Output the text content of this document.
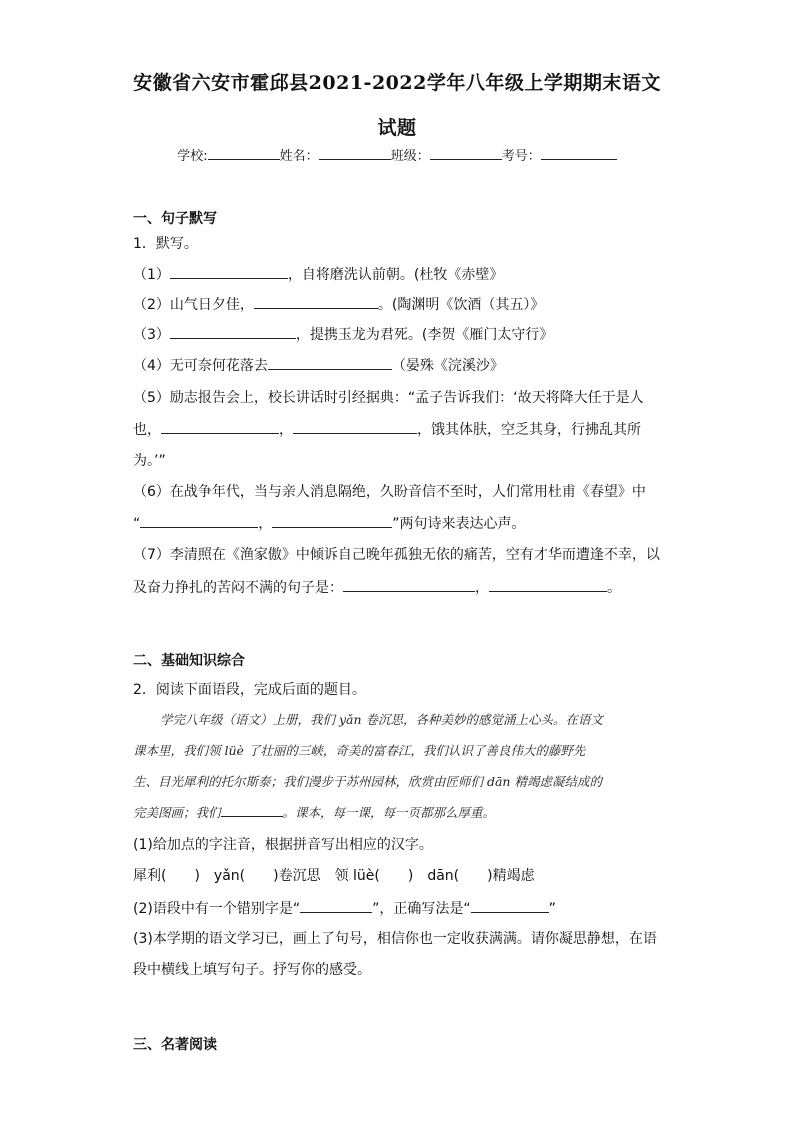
安徽省六安市霍邱县2021-2022学年八年级上学期期末语文
试题
学校:	姓名：	班级：	考号：
一、句子默写
1．默写。
（1）	，自将磨洗认前朝。(杜牧《赤壁》
（2）山气日夕佳，	。(陶渊明《饮酒（其五）》
（3）	，提携玉龙为君死。(李贺《雁门太守行》
（4）无可奈何花落去	（晏殊《浣溪沙》
（5）励志报告会上，校长讲话时引经据典：“孟子告诉我们：‘故天将降大任于是人
也，	，	，饿其体肤，空乏其身，行拂乱其所
为。’”
（6）在战争年代，当与亲人消息隔绝，久盼音信不至时，人们常用杜甫《春望》中
“	，	”两句诗来表达心声。
（7）李清照在《渔家傲》中倾诉自己晚年孤独无依的痛苦，空有才华而遭逢不幸，以
及奋力挣扎的苦闷不满的句子是：	，	。
二、基础知识综合
2．阅读下面语段，完成后面的题目。
学完八年级（语文）上册，我们 yǎn 卷沉思，各种美妙的感觉涌上心头。在语文
课本里，我们领 lüè 了壮丽的三峡，奇美的富春江，我们认识了善良伟大的藤野先
生、目光犀利的托尔斯泰；我们漫步于苏州园林，欣赏由匠师们 dān 精竭虑凝结成的
完美图画；我们	。课本，每一课，每一页都那么厚重。
(1)给加点的字注音，根据拼音写出相应的汉字。
犀利(　　)　yǎn(　　)卷沉思　领 lüè(　　)　dān(　　)精竭虑
(2)语段中有一个错别字是“	”，正确写法是“	”
(3)本学期的语文学习已，画上了句号，相信你也一定收获满满。请你凝思静想，在语
段中横线上填写句子。抒写你的感受。
三、名著阅读
